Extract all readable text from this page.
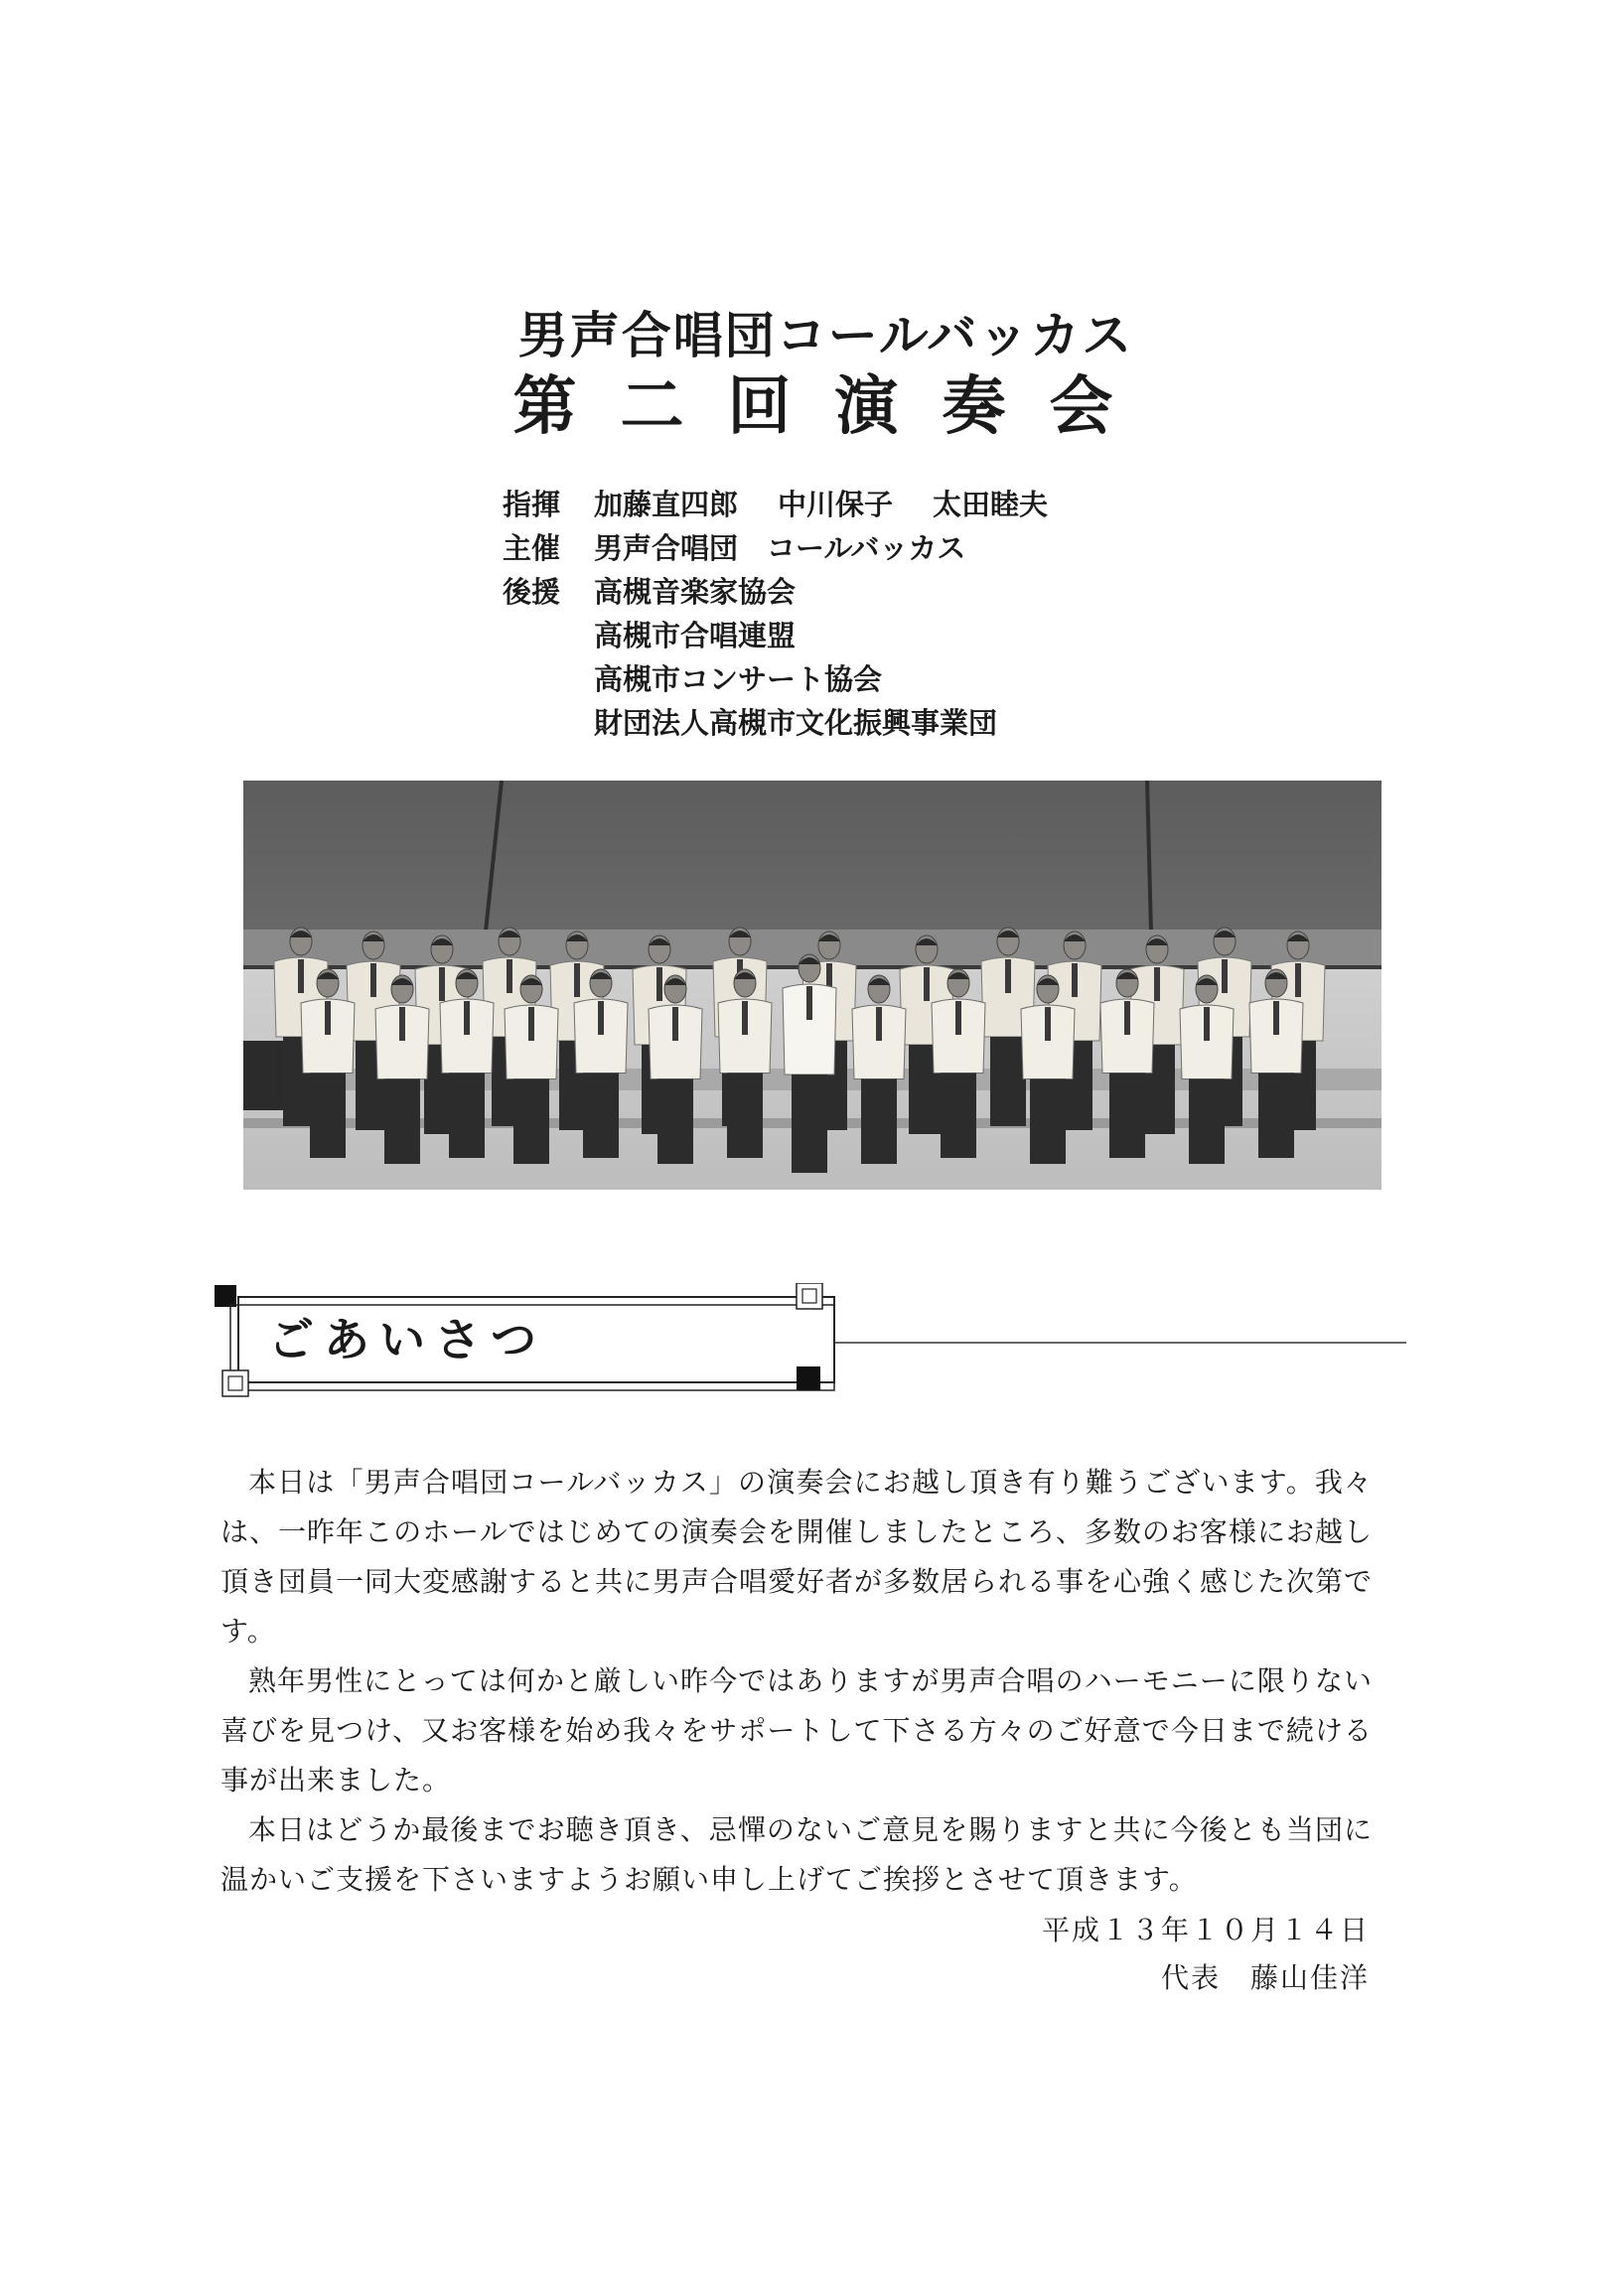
男声合唱団コールバッカス
第二回演奏会
指揮 加藤直四郎 中川保子 太田睦夫
主催 男声合唱団　コールバッカス
後援 高槻音楽家協会
高槻市合唱連盟
高槻市コンサート協会
財団法人高槻市文化振興事業団
ごあいさつ

本日は「男声合唱団コールバッカス」の演奏会にお越し頂き有り難うございます。我々は、一昨年このホールではじめての演奏会を開催しましたところ、多数のお客様にお越し頂き団員一同大変感謝すると共に男声合唱愛好者が多数居られる事を心強く感じた次第です。

熟年男性にとっては何かと厳しい昨今ではありますが男声合唱のハーモニーに限りない喜びを見つけ、又お客様を始め我々をサポートして下さる方々のご好意で今日まで続ける事が出来ました。

本日はどうか最後までお聴き頂き、忌憚のないご意見を賜りますと共に今後とも当団に温かいご支援を下さいますようお願い申し上げてご挨拶とさせて頂きます。

平成１３年１０月１４日
代表　藤山佳洋
